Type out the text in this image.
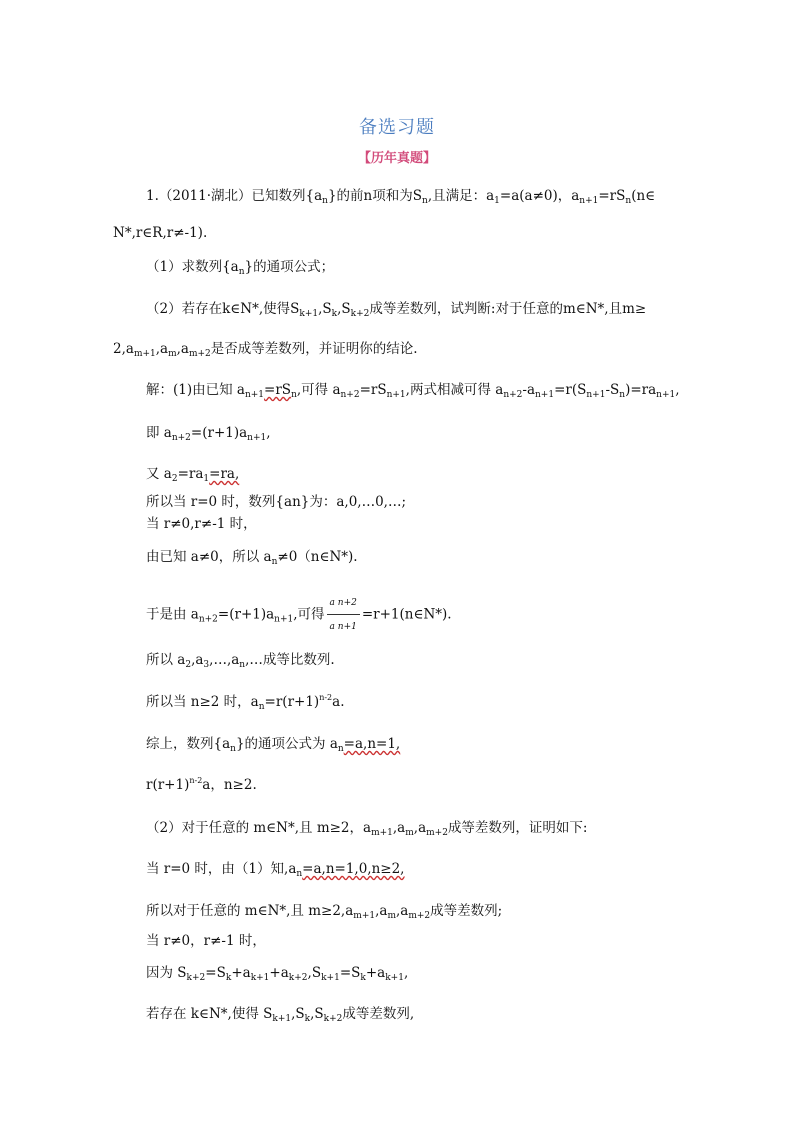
备选习题
【历年真题】
1.（2011·湖北）已知数列$\{a_n\}$的前n项和为$S_n$,且满足：$a_1=a(a\ne 0)$，$a_{n+1}=rS_n(n\in$
N*,r∈R,r≠-1).
（1）求数列$\{a_n\}$的通项公式；
（2）若存在k∈N*,使得$S_{k+1},S_k,S_{k+2}$成等差数列，试判断:对于任意的m∈N*,且m≥
$2,a_{m+1},a_m,a_{m+2}$是否成等差数列，并证明你的结论.
解：(1)由已知 $a_{n+1}=rS_n$,可得 $a_{n+2}=rS_{n+1}$,两式相减可得 $a_{n+2}-a_{n+1}=r(S_{n+1}-S_n)=ra_{n+1}$,
即 $a_{n+2}=(r+1)a_{n+1}$,
又 $a_2=ra_1=ra$,
所以当 r=0 时，数列{an}为：a,0,…0,…;
当 r≠0,r≠-1 时，
由已知 a≠0，所以 $a_n\ne 0(n\in N*)$.
于是由 $a_{n+2}=(r+1)a_{n+1}$,可得 $\frac{\text{a n+2}}{\text{a n+1}}$ =r+1(n∈N*).
所以 $a_2,a_3,\dots,a_n,\dots$成等比数列.
所以当 n≥2 时，$a_n=r(r+1)^{n-2}a$.
综上，数列$\{a_n\}$的通项公式为 $a_n=a,n=1$,
$r(r+1)^{n-2}a$，n≥2.
（2）对于任意的 m∈N*,且 m≥2，$a_{m+1},a_m,a_{m+2}$成等差数列，证明如下:
当 r=0 时，由（1）知$,a_n=a,n=1,0,n\ge 2$,
所以对于任意的 m∈N*,且 $m\ge 2,a_{m+1},a_m,a_{m+2}$成等差数列;
当 r≠0，r≠-1 时，
因为 $S_{k+2}=S_k+a_{k+1}+a_{k+2},S_{k+1}=S_k+a_{k+1}$,
若存在 k∈N*,使得 $S_{k+1},S_k,S_{k+2}$成等差数列,
